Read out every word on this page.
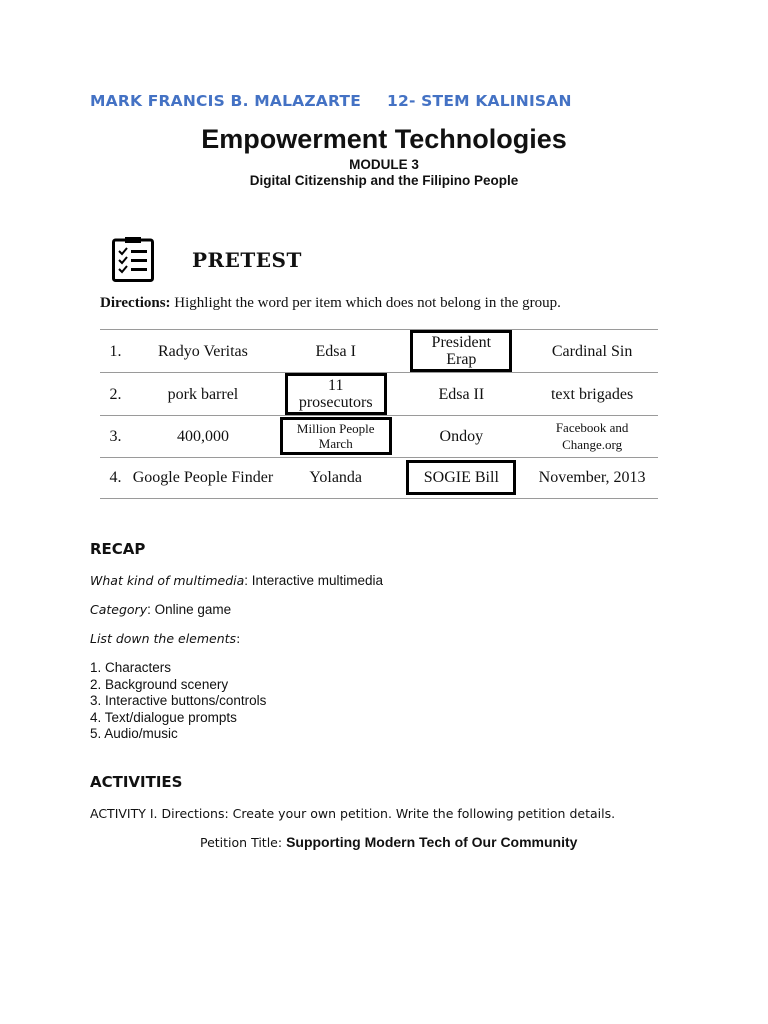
MARK FRANCIS B. MALAZARTE 12- STEM KALINISAN
Empowerment Technologies
MODULE 3
Digital Citizenship and the Filipino People
PRETEST
Directions: Highlight the word per item which does not belong in the group.
1.	Radyo Veritas	Edsa I	President Erap	Cardinal Sin
2.	pork barrel	11 prosecutors	Edsa II	text brigades
3.	400,000	Million People March	Ondoy	Facebook and Change.org
4.	Google People Finder	Yolanda	SOGIE Bill	November, 2013
RECAP
What kind of multimedia: Interactive multimedia
Category: Online game
List down the elements:
1. Characters
2. Background scenery
3. Interactive buttons/controls
4. Text/dialogue prompts
5. Audio/music
ACTIVITIES
ACTIVITY I. Directions: Create your own petition. Write the following petition details.
Petition Title: Supporting Modern Tech of Our Community
